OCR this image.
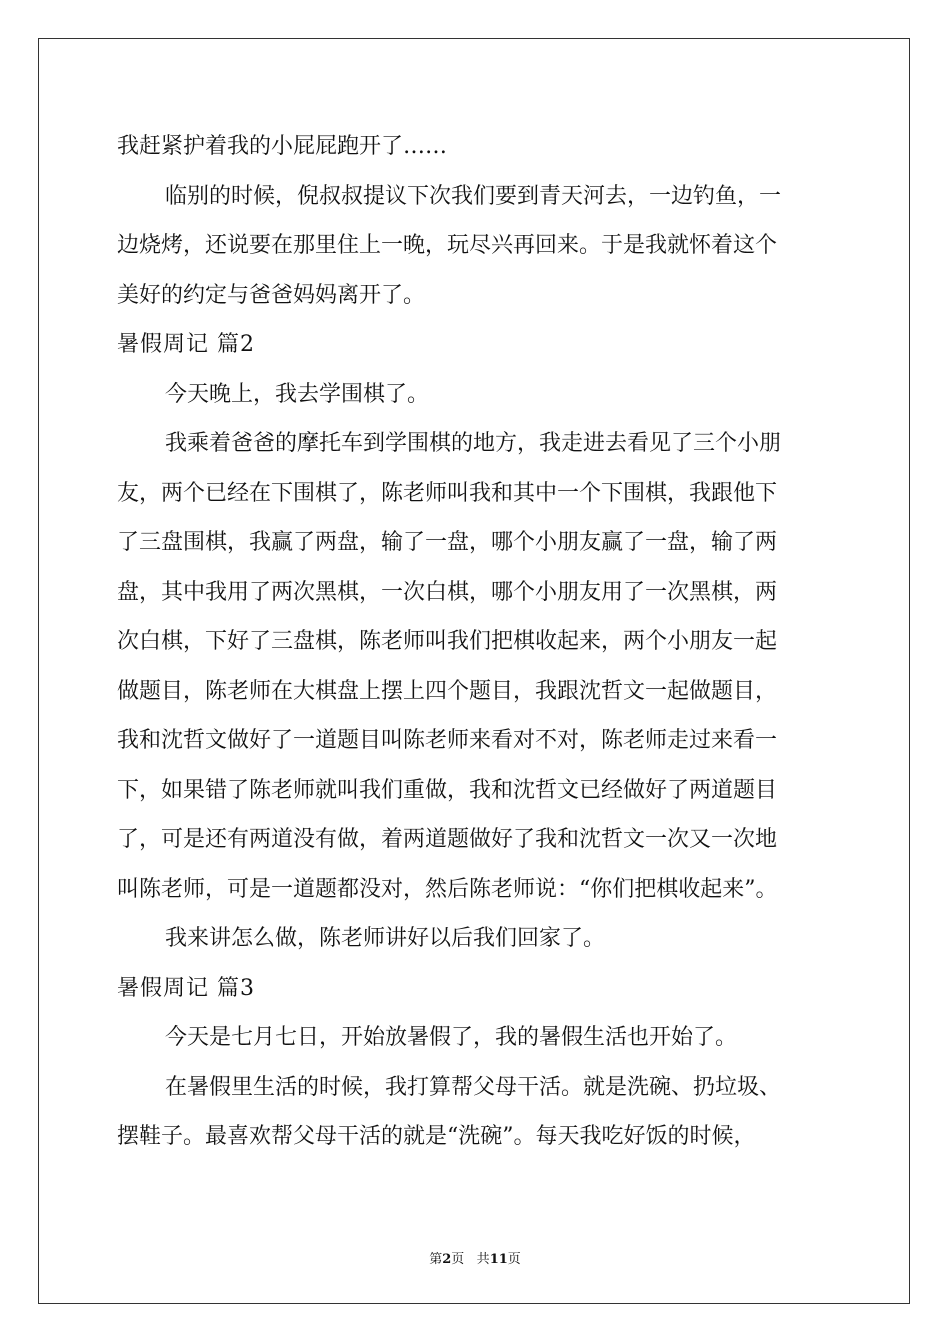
我赶紧护着我的小屁屁跑开了……
临别的时候，倪叔叔提议下次我们要到青天河去，一边钓鱼，一
边烧烤，还说要在那里住上一晚，玩尽兴再回来。于是我就怀着这个
美好的约定与爸爸妈妈离开了。
暑假周记 篇2
今天晚上，我去学围棋了。
我乘着爸爸的摩托车到学围棋的地方，我走进去看见了三个小朋
友，两个已经在下围棋了，陈老师叫我和其中一个下围棋，我跟他下
了三盘围棋，我赢了两盘，输了一盘，哪个小朋友赢了一盘，输了两
盘，其中我用了两次黑棋，一次白棋，哪个小朋友用了一次黑棋，两
次白棋，下好了三盘棋，陈老师叫我们把棋收起来，两个小朋友一起
做题目，陈老师在大棋盘上摆上四个题目，我跟沈哲文一起做题目，
我和沈哲文做好了一道题目叫陈老师来看对不对，陈老师走过来看一
下，如果错了陈老师就叫我们重做，我和沈哲文已经做好了两道题目
了，可是还有两道没有做，着两道题做好了我和沈哲文一次又一次地
叫陈老师，可是一道题都没对，然后陈老师说：“你们把棋收起来”。
我来讲怎么做，陈老师讲好以后我们回家了。
暑假周记 篇3
今天是七月七日，开始放暑假了，我的暑假生活也开始了。
在暑假里生活的时候，我打算帮父母干活。就是洗碗、扔垃圾、
摆鞋子。最喜欢帮父母干活的就是“洗碗”。每天我吃好饭的时候，
第2页 共11页
